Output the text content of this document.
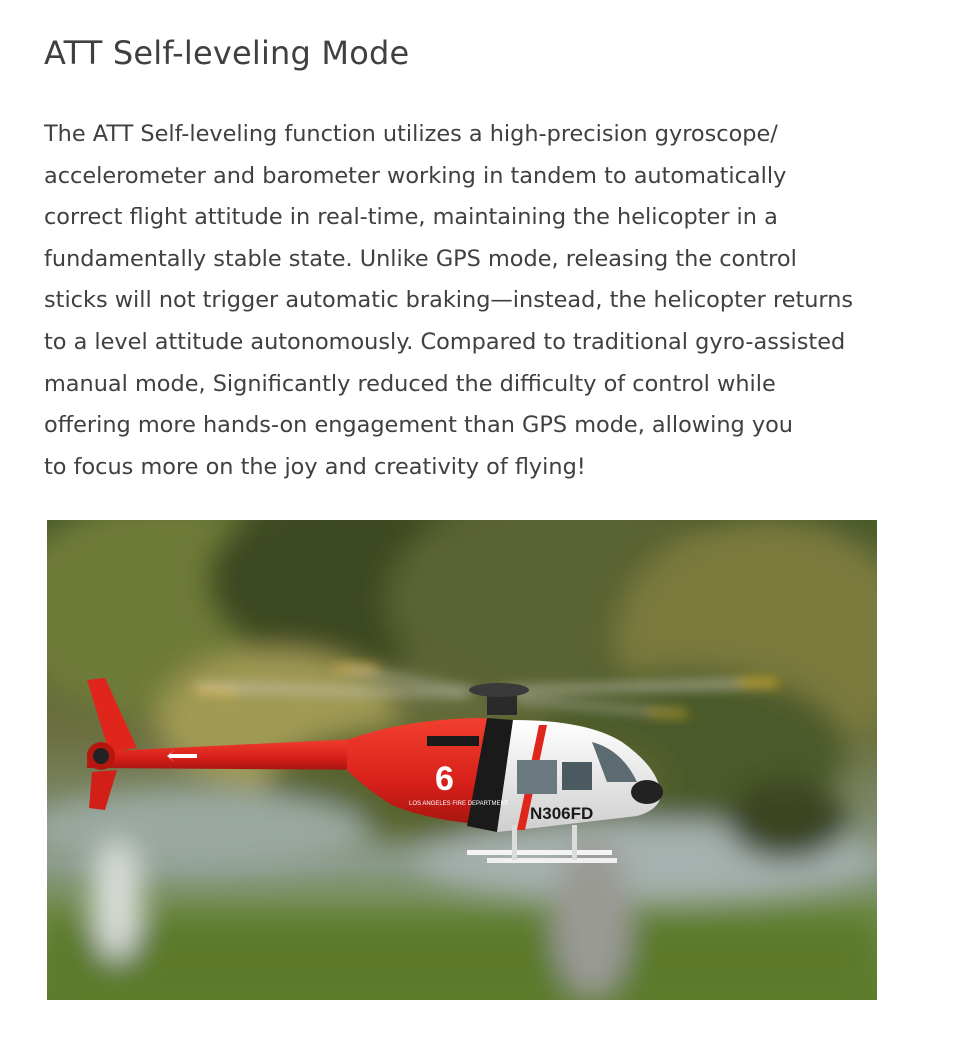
ATT Self-leveling Mode

The ATT Self-leveling function utilizes a high-precision gyroscope/
accelerometer and barometer working in tandem to automatically
correct flight attitude in real-time, maintaining the helicopter in a
fundamentally stable state. Unlike GPS mode, releasing the control
sticks will not trigger automatic braking—instead, the helicopter returns
to a level attitude autonomously. Compared to traditional gyro-assisted
manual mode, Significantly reduced the difficulty of control while
offering more hands-on engagement than GPS mode, allowing you
to focus more on the joy and creativity of flying!

6
LOS ANGELES FIRE DEPARTMENT N306FD
